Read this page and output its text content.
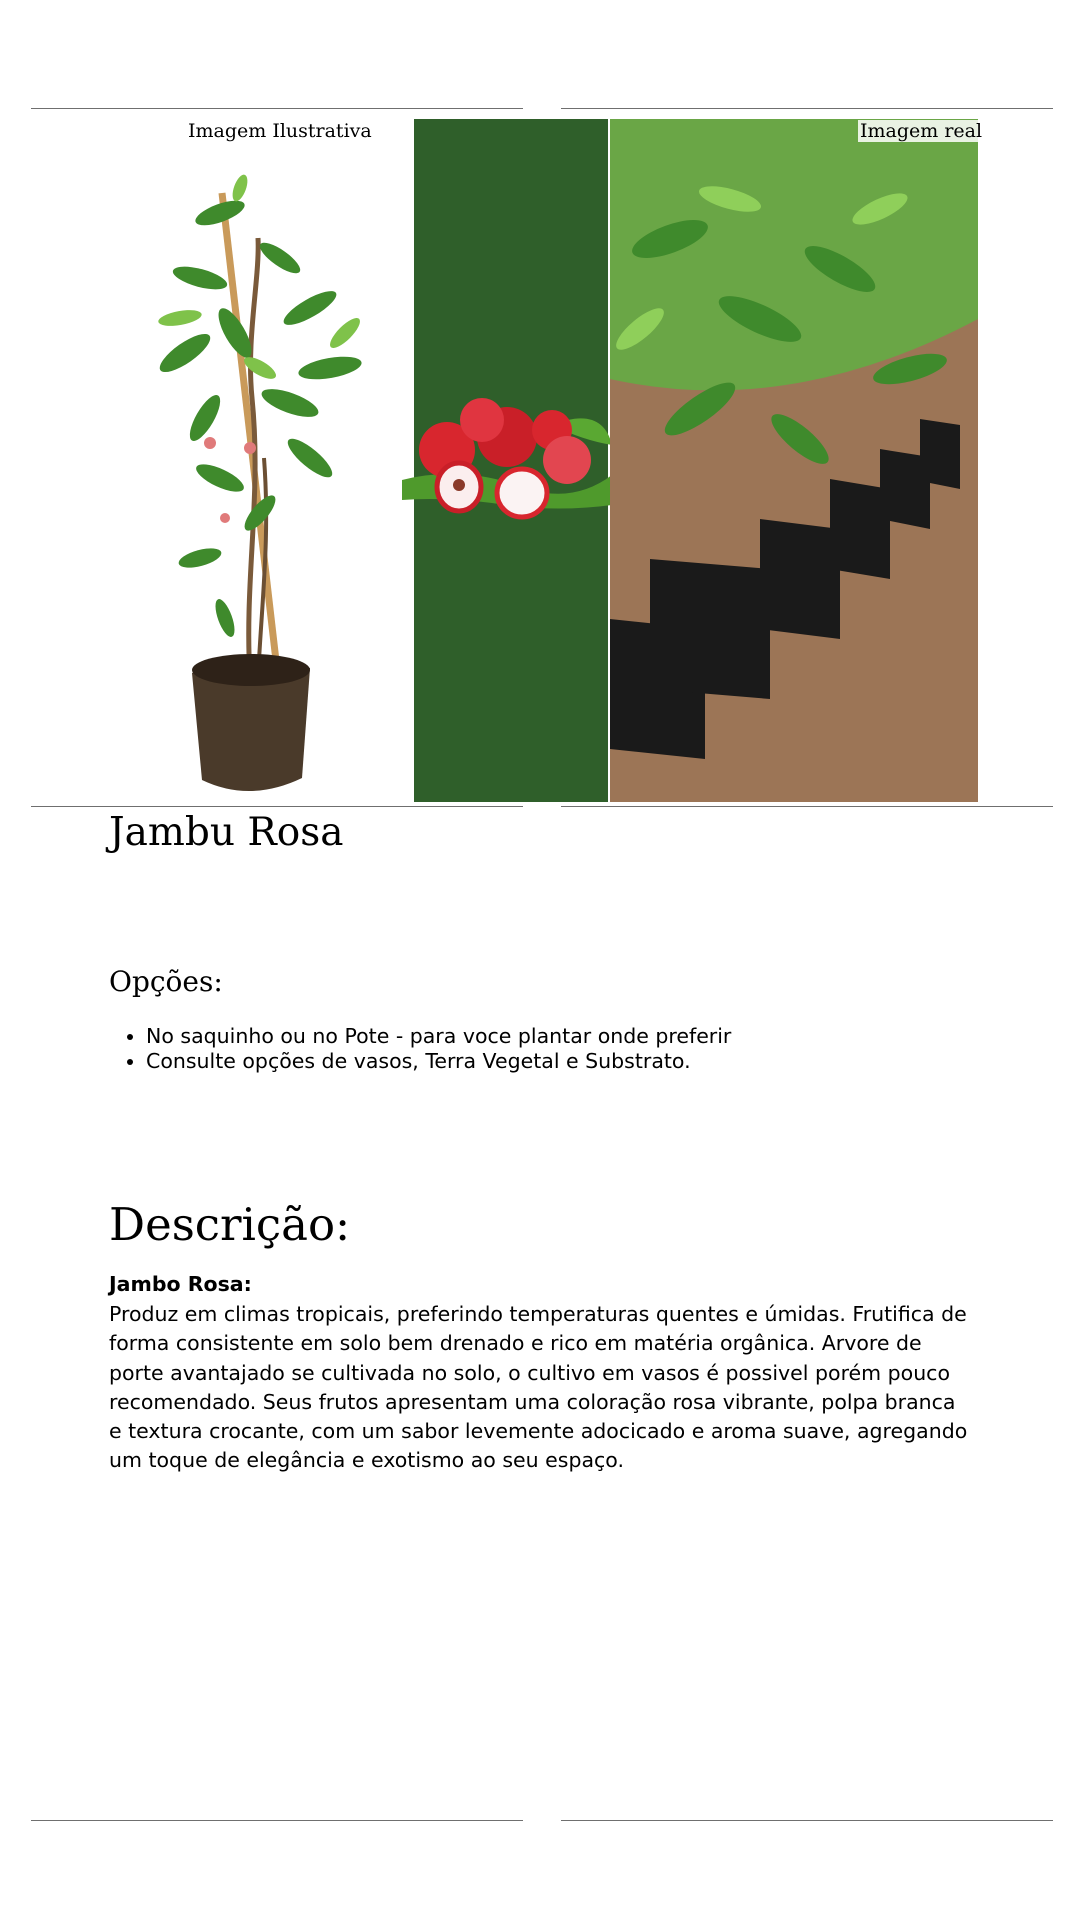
Imagem Ilustrativa	Imagem real
Jambu Rosa
Opções:
• No saquinho ou no Pote - para voce plantar onde preferir
• Consulte opções de vasos, Terra Vegetal e Substrato.
Descrição:
Jambo Rosa:

Produz em climas tropicais, preferindo temperaturas quentes e úmidas. Frutifica de forma consistente em solo bem drenado e rico em matéria orgânica. Arvore de porte avantajado se cultivada no solo, o cultivo em vasos é possivel porém pouco recomendado. Seus frutos apresentam uma coloração rosa vibrante, polpa branca e textura crocante, com um sabor levemente adocicado e aroma suave, agregando um toque de elegância e exotismo ao seu espaço.
